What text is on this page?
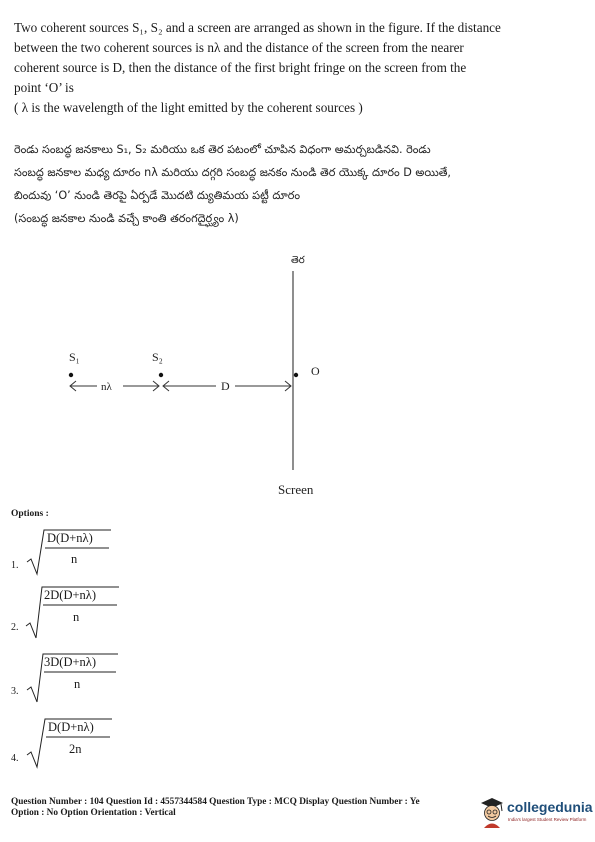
Two coherent sources S₁, S₂ and a screen are arranged as shown in the figure. If the distance
between the two coherent sources is nλ and the distance of the screen from the nearer
coherent source is D, then the distance of the first bright fringe on the screen from the
point ‘O’ is
( λ is the wavelength of the light emitted by the coherent sources )
రెండు సంబద్ధ జనకాలు S₁, S₂ మరియు ఒక తెర పటంలో చూపిన విధంగా అమర్చబడినవి. రెండు
సంబద్ధ జనకాల మధ్య దూరం nλ మరియు దగ్గరి సంబద్ధ జనకం నుండి తెర యొక్క దూరం D అయితే,
బిందువు ‘O’ నుండి తెరపై ఏర్పడే మొదటి ద్యుతిమయ పట్టీ దూరం
(సంబద్ధ జనకాల నుండి వచ్చే కాంతి తరంగదైర్ఘ్యం λ)
తెర
Screen
S₁	S₂
O
nλ	D
Options :
D(D+nλ)
n
1.
2D(D+nλ)
n
2.
3D(D+nλ)
n
3.
D(D+nλ)
2n
4.
Question Number : 104 Question Id : 4557344584 Question Type : MCQ Display Question Number : Ye
Option : No Option Orientation : Vertical	collegedunia
India's largest Student Review Platform
